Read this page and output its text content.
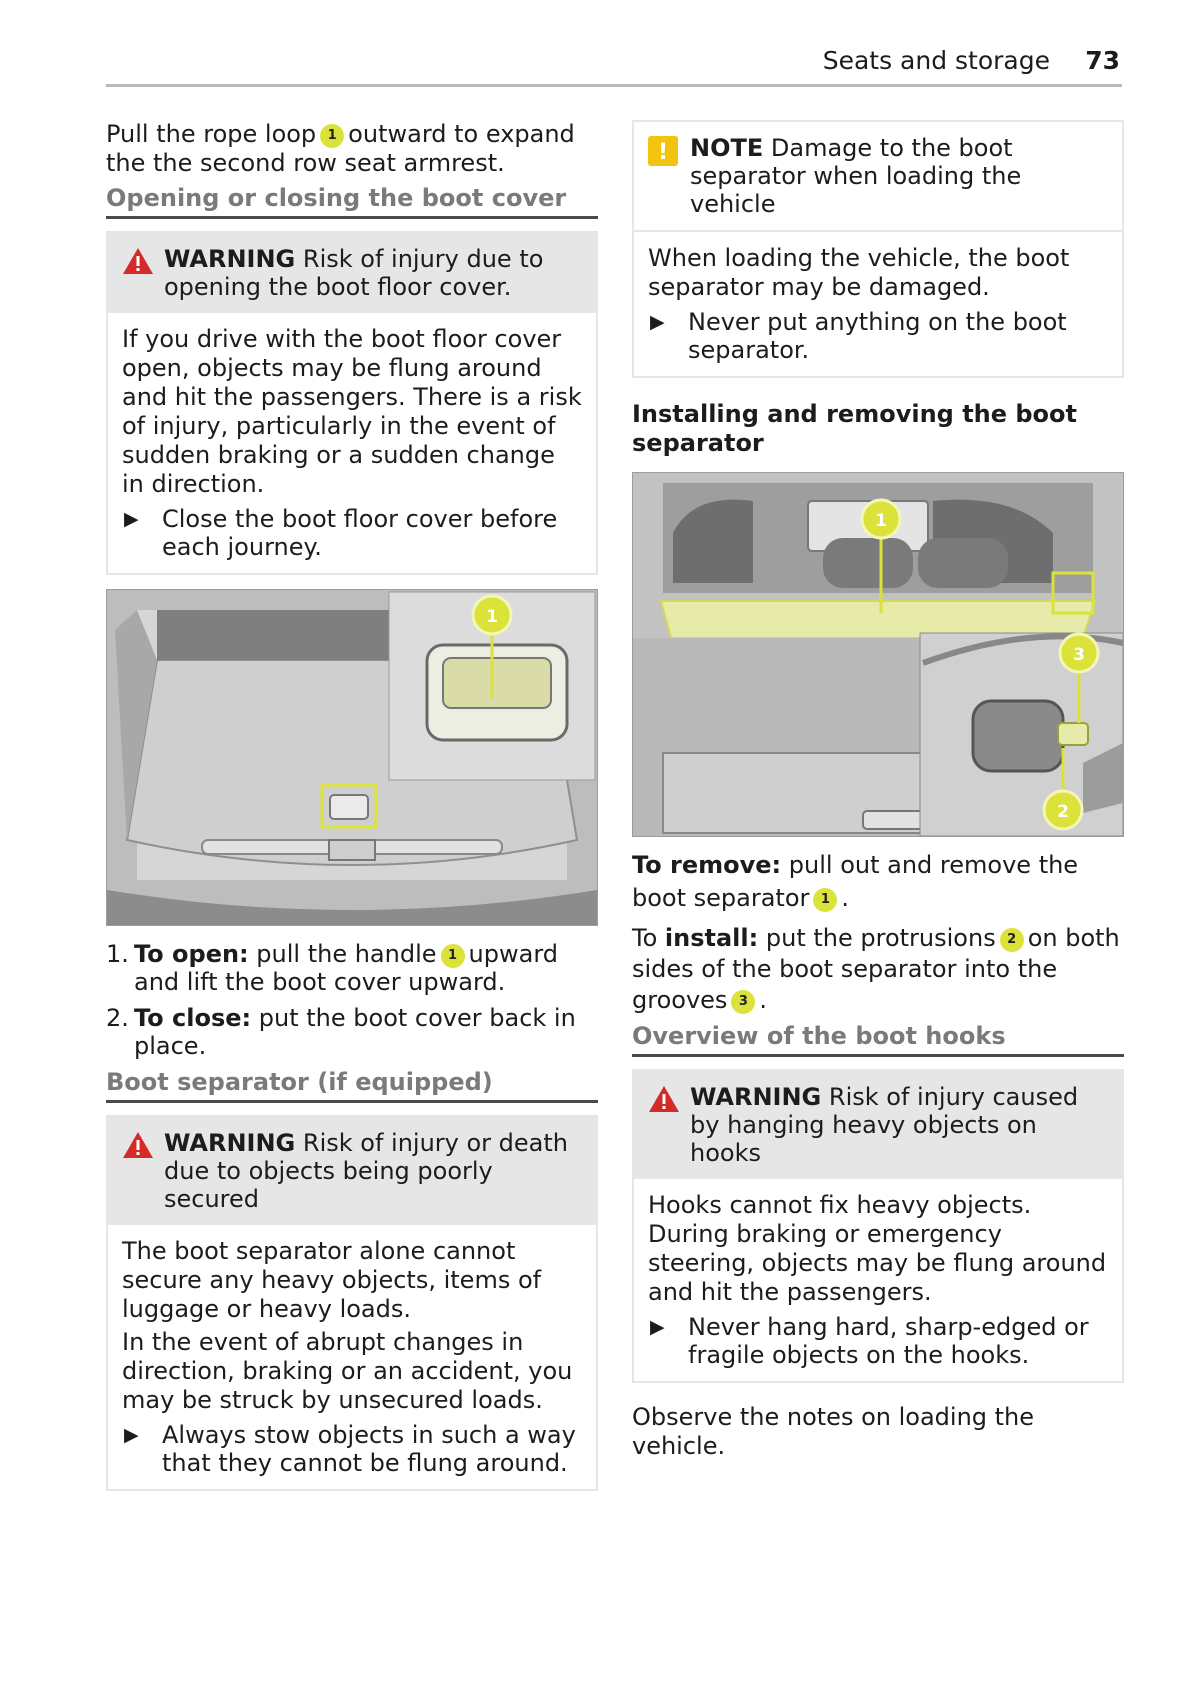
Seats and storage 73

Pull the rope loop 1 outward to expand the the second row seat armrest.

Opening or closing the boot cover
WARNING Risk of injury due to opening the boot floor cover.

If you drive with the boot floor cover open, objects may be flung around and hit the passengers. There is a risk of injury, particularly in the event of sudden braking or a sudden change in direction.

▶ Close the boot floor cover before each journey.
1
1. To open: pull the handle 1 upward and lift the boot cover upward.
2. To close: put the boot cover back in place.
Boot separator (if equipped)
WARNING Risk of injury or death due to objects being poorly secured

The boot separator alone cannot secure any heavy objects, items of luggage or heavy loads.

In the event of abrupt changes in direction, braking or an accident, you may be struck by unsecured loads.

▶ Always stow objects in such a way that they cannot be flung around.
! NOTE Damage to the boot separator when loading the vehicle

When loading the vehicle, the boot separator may be damaged.

▶ Never put anything on the boot separator.
Installing and removing the boot separator
1
3
2

To remove: pull out and remove the boot separator 1 .

To install: put the protrusions 2 on both sides of the boot separator into the grooves 3 .

Overview of the boot hooks
WARNING Risk of injury caused by hanging heavy objects on hooks

Hooks cannot fix heavy objects. During braking or emergency steering, objects may be flung around and hit the passengers.

▶ Never hang hard, sharp-edged or fragile objects on the hooks.

Observe the notes on loading the vehicle.
